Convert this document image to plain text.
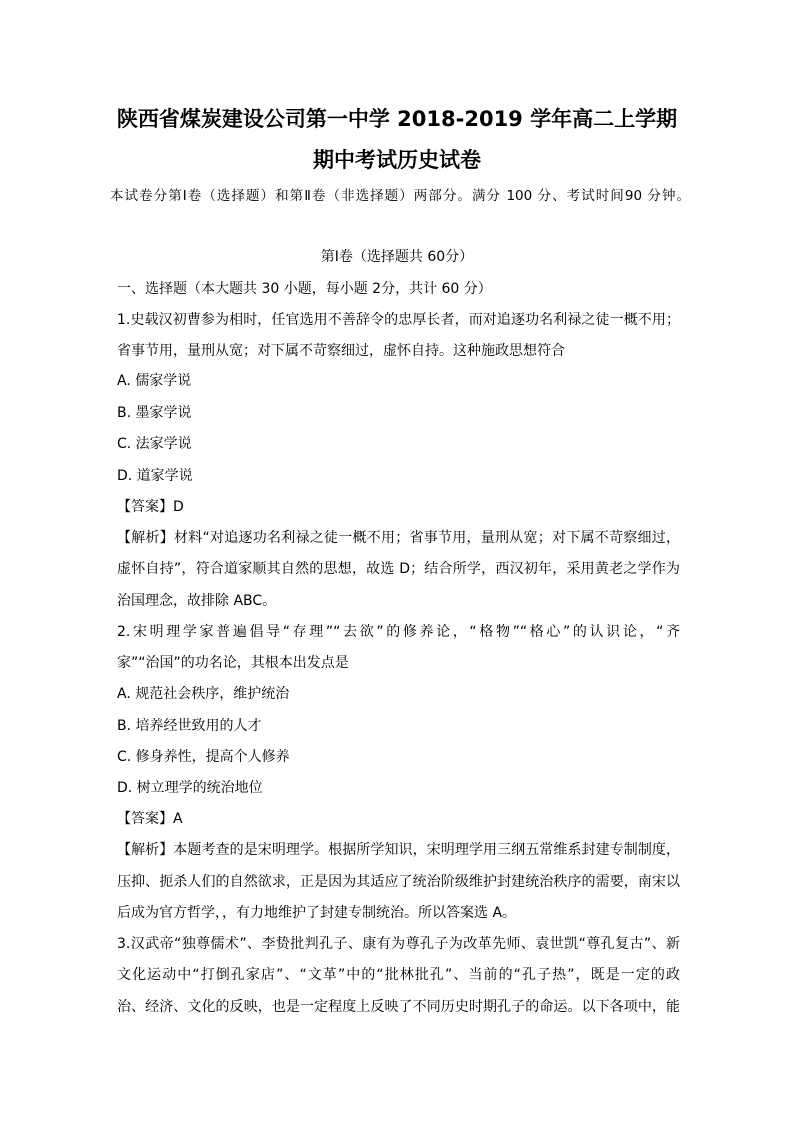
陕西省煤炭建设公司第一中学 2018-2019 学年高二上学期
期中考试历史试卷
本试卷分第Ⅰ卷（选择题）和第Ⅱ卷（非选择题）两部分。满分 100 分、考试时间90 分钟。
第Ⅰ卷（选择题共 60分）
一、选择题（本大题共 30 小题，每小题 2分，共计 60 分）
1.史载汉初曹参为相时，任官选用不善辞令的忠厚长者，而对追逐功名利禄之徒一概不用；
省事节用，量刑从宽；对下属不苛察细过，虚怀自持。这种施政思想符合
A. 儒家学说
B. 墨家学说
C. 法家学说
D. 道家学说
【答案】D
【解析】材料“对追逐功名利禄之徒一概不用；省事节用，量刑从宽；对下属不苛察细过，
虚怀自持”，符合道家顺其自然的思想，故选 D；结合所学，西汉初年，采用黄老之学作为
治国理念，故排除 ABC。
2.宋明理学家普遍倡导“存理”“去欲”的修养论，“格物”“格心”的认识论，“齐
家”“治国”的功名论，其根本出发点是
A. 规范社会秩序，维护统治
B. 培养经世致用的人才
C. 修身养性，提高个人修养
D. 树立理学的统治地位
【答案】A
【解析】本题考查的是宋明理学。根据所学知识，宋明理学用三纲五常维系封建专制制度，
压抑、扼杀人们的自然欲求，正是因为其适应了统治阶级维护封建统治秩序的需要，南宋以
后成为官方哲学，，有力地维护了封建专制统治。所以答案选 A。
3.汉武帝“独尊儒术”、李贽批判孔子、康有为尊孔子为改革先师、袁世凯“尊孔复古”、新
文化运动中“打倒孔家店”、“文革”中的“批林批孔”、当前的“孔子热”，既是一定的政
治、经济、文化的反映，也是一定程度上反映了不同历史时期孔子的命运。以下各项中，能
